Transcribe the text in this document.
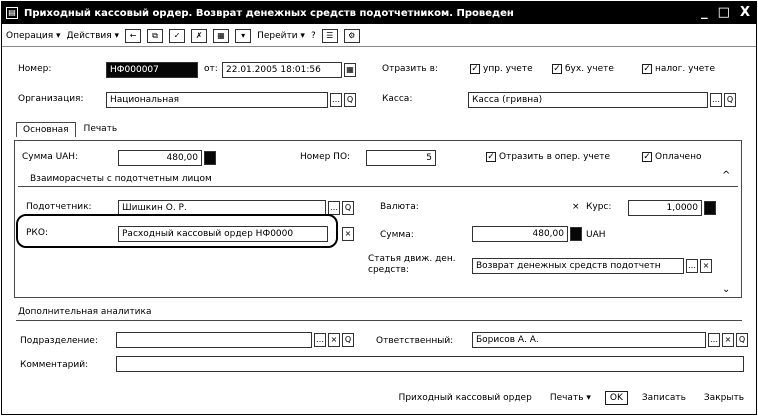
▤ Приходный кассовый ордер. Возврат денежных средств подотчетником. Проведен	_ □ X
Операция ▾ Действия ▾	←	⧉	✓	✗	▦	▾	Перейти ▾ ?	☰	⚙
Номер:	НФ000007	от: 22.01.2005 18:01:56	▦	Отразить в:	✓ упр. учете ✓ бух. учете	✓ налог. учете
Организация:	Национальная	… Q	Касса:	Касса (гривна)	… Q
Основная	Печать
Сумма UAH:	480,00	Номер ПО:	5	✓ Отразить в опер. учете	✓ Оплачено
Взаиморасчеты с подотчетным лицом	^
Подотчетник:	Шишкин О. Р.	… Q
РКО:	Расходный кассовый ордер НФ0000	×
Валюта:	× Курс:	1,0000
Сумма:	480,00	UAH
Статья движ. ден. средств:	Возврат денежных средств подотчетн	… ×
⌄
Дополнительная аналитика
Подразделение:	… × Q	Ответственный:	Борисов А. А.	… × Q
Комментарий:
Приходный кассовый ордер	Печать ▾	OK	Записать	Закрыть
